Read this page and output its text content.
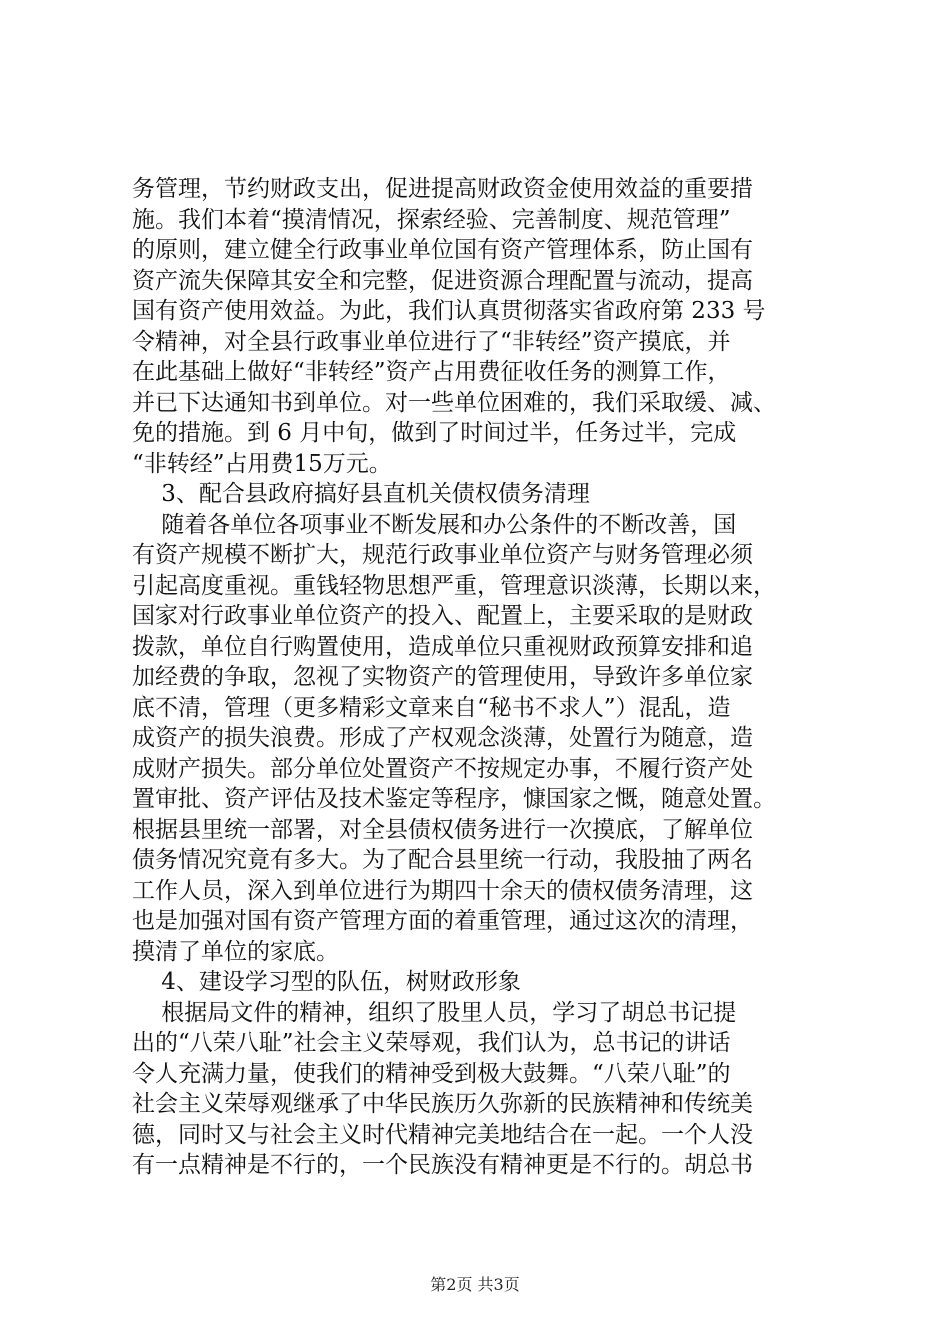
务管理，节约财政支出，促进提高财政资金使用效益的重要措
施。我们本着“摸清情况，探索经验、完善制度、规范管理”
的原则，建立健全行政事业单位国有资产管理体系，防止国有
资产流失保障其安全和完整，促进资源合理配置与流动，提高
国有资产使用效益。为此，我们认真贯彻落实省政府第 233 号
令精神，对全县行政事业单位进行了“非转经”资产摸底，并
在此基础上做好“非转经”资产占用费征收任务的测算工作，
并已下达通知书到单位。对一些单位困难的，我们采取缓、减、
免的措施。到 6 月中旬，做到了时间过半，任务过半，完成
“非转经”占用费15万元。
3、配合县政府搞好县直机关债权债务清理
随着各单位各项事业不断发展和办公条件的不断改善，国
有资产规模不断扩大，规范行政事业单位资产与财务管理必须
引起高度重视。重钱轻物思想严重，管理意识淡薄，长期以来，
国家对行政事业单位资产的投入、配置上，主要采取的是财政
拨款，单位自行购置使用，造成单位只重视财政预算安排和追
加经费的争取，忽视了实物资产的管理使用，导致许多单位家
底不清，管理（更多精彩文章来自“秘书不求人”）混乱，造
成资产的损失浪费。形成了产权观念淡薄，处置行为随意，造
成财产损失。部分单位处置资产不按规定办事，不履行资产处
置审批、资产评估及技术鉴定等程序，慷国家之慨，随意处置。
根据县里统一部署，对全县债权债务进行一次摸底，了解单位
债务情况究竟有多大。为了配合县里统一行动，我股抽了两名
工作人员，深入到单位进行为期四十余天的债权债务清理，这
也是加强对国有资产管理方面的着重管理，通过这次的清理，
摸清了单位的家底。
4、建设学习型的队伍，树财政形象
根据局文件的精神，组织了股里人员，学习了胡总书记提
出的“八荣八耻”社会主义荣辱观，我们认为，总书记的讲话
令人充满力量，使我们的精神受到极大鼓舞。“八荣八耻”的
社会主义荣辱观继承了中华民族历久弥新的民族精神和传统美
德，同时又与社会主义时代精神完美地结合在一起。一个人没
有一点精神是不行的，一个民族没有精神更是不行的。胡总书
第2页 共3页
